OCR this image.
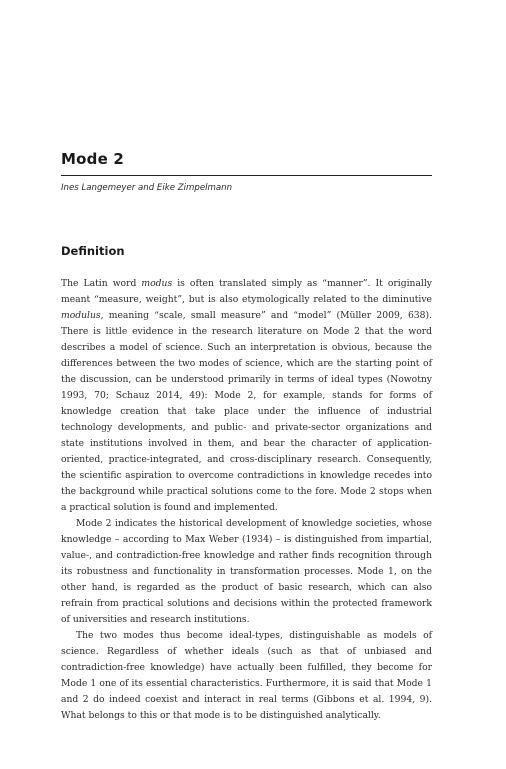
Mode 2
Ines Langemeyer and Eike Zimpelmann
Definition

The Latin word modus is often translated simply as “manner”. It originally meant “measure, weight”, but is also etymologically related to the diminutive modulus, meaning “scale, small measure” and “model” (Müller 2009, 638). There is little evidence in the research literature on Mode 2 that the word describes a model of science. Such an interpretation is obvious, because the differences between the two modes of science, which are the starting point of the discussion, can be understood primarily in terms of ideal types (Nowotny 1993, 70; Schauz 2014, 49): Mode 2, for example, stands for forms of knowledge creation that take place under the influence of industrial technology developments, and public- and private-sector organizations and state institutions involved in them, and bear the character of application-oriented, practice-integrated, and cross-disciplinary research. Consequently, the scientific aspiration to overcome contradictions in knowledge recedes into the background while practical solutions come to the fore. Mode 2 stops when a practical solution is found and implemented.

Mode 2 indicates the historical development of knowledge societies, whose knowledge – according to Max Weber (1934) – is distinguished from impartial, value-, and contradiction-free knowledge and rather finds recognition through its robustness and functionality in transformation processes. Mode 1, on the other hand, is regarded as the product of basic research, which can also refrain from practical solutions and decisions within the protected framework of universities and research institutions.

The two modes thus become ideal-types, distinguishable as models of science. Regardless of whether ideals (such as that of unbiased and contradiction-free knowledge) have actually been fulfilled, they become for Mode 1 one of its essential characteristics. Furthermore, it is said that Mode 1 and 2 do indeed coexist and interact in real terms (Gibbons et al. 1994, 9). What belongs to this or that mode is to be distinguished analytically.
